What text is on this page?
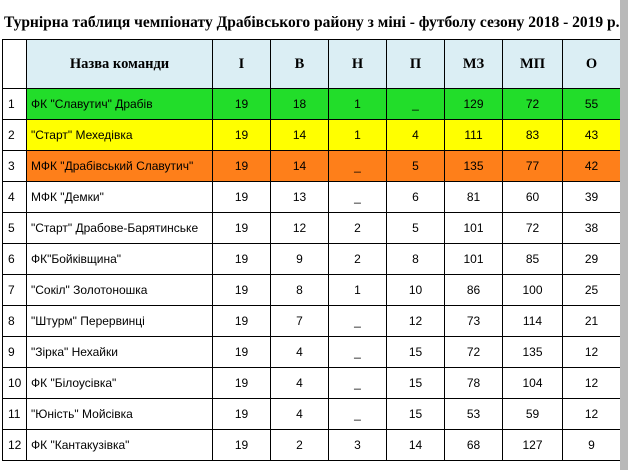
Турнірна таблиця чемпіонату Драбівського району з міні - футболу сезону 2018 - 2019 р.
	Назва команди	І	В	Н	П	МЗ	МП	О
1	ФК "Славутич" Драбів	19	18	1	_	129	72	55
2	"Старт" Мехедівка	19	14	1	4	111	83	43
3	МФК "Драбівський Славутич"	19	14	_	5	135	77	42
4	МФК "Демки"	19	13	_	6	81	60	39
5	"Старт" Драбове-Барятинське	19	12	2	5	101	72	38
6	ФК"Бойківщина"	19	9	2	8	101	85	29
7	"Сокіл" Золотоношка	19	8	1	10	86	100	25
8	"Штурм" Перервинці	19	7	_	12	73	114	21
9	"Зірка" Нехайки	19	4	_	15	72	135	12
10	ФК "Білоусівка"	19	4	_	15	78	104	12
11	"Юність" Мойсівка	19	4	_	15	53	59	12
12	ФК "Кантакузівка"	19	2	3	14	68	127	9
